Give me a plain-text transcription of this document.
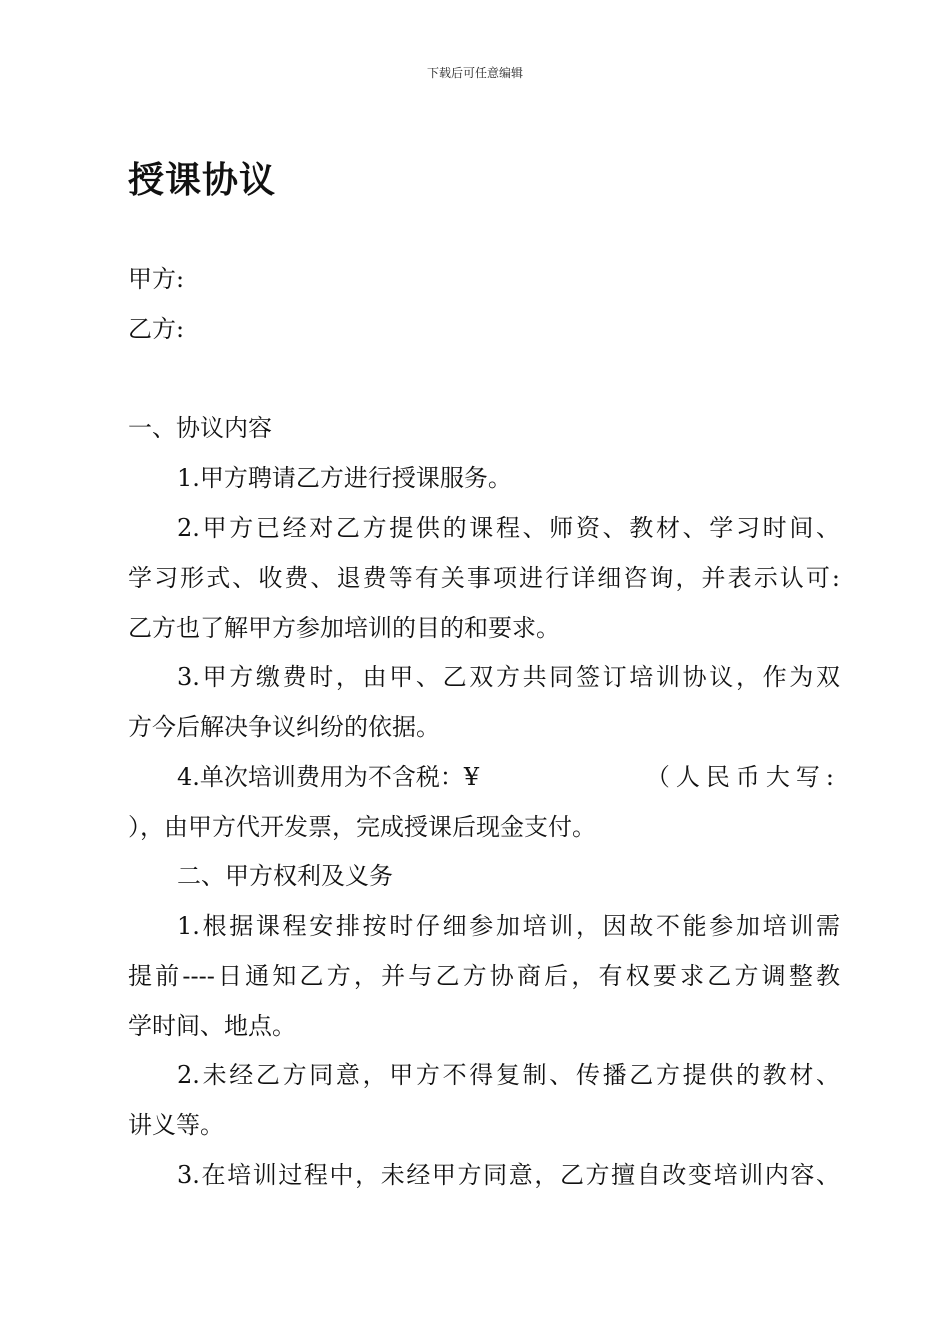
下载后可任意编辑
授课协议
甲方:
乙方:
一、协议内容
1.甲方聘请乙方进行授课服务。
2.甲方已经对乙方提供的课程、师资、教材、学习时间、
学习形式、收费、退费等有关事项进行详细咨询，并表示认可:
乙方也了解甲方参加培训的目的和要求。
3.甲方缴费时，由甲、乙双方共同签订培训协议，作为双
方今后解决争议纠纷的依据。
4.单次培训费用为不含税：¥	（人民币大写:
），由甲方代开发票，完成授课后现金支付。
二、甲方权利及义务
1.根据课程安排按时仔细参加培训，因故不能参加培训需
提前----日通知乙方，并与乙方协商后，有权要求乙方调整教
学时间、地点。
2.未经乙方同意，甲方不得复制、传播乙方提供的教材、
讲义等。
3.在培训过程中，未经甲方同意，乙方擅自改变培训内容、
